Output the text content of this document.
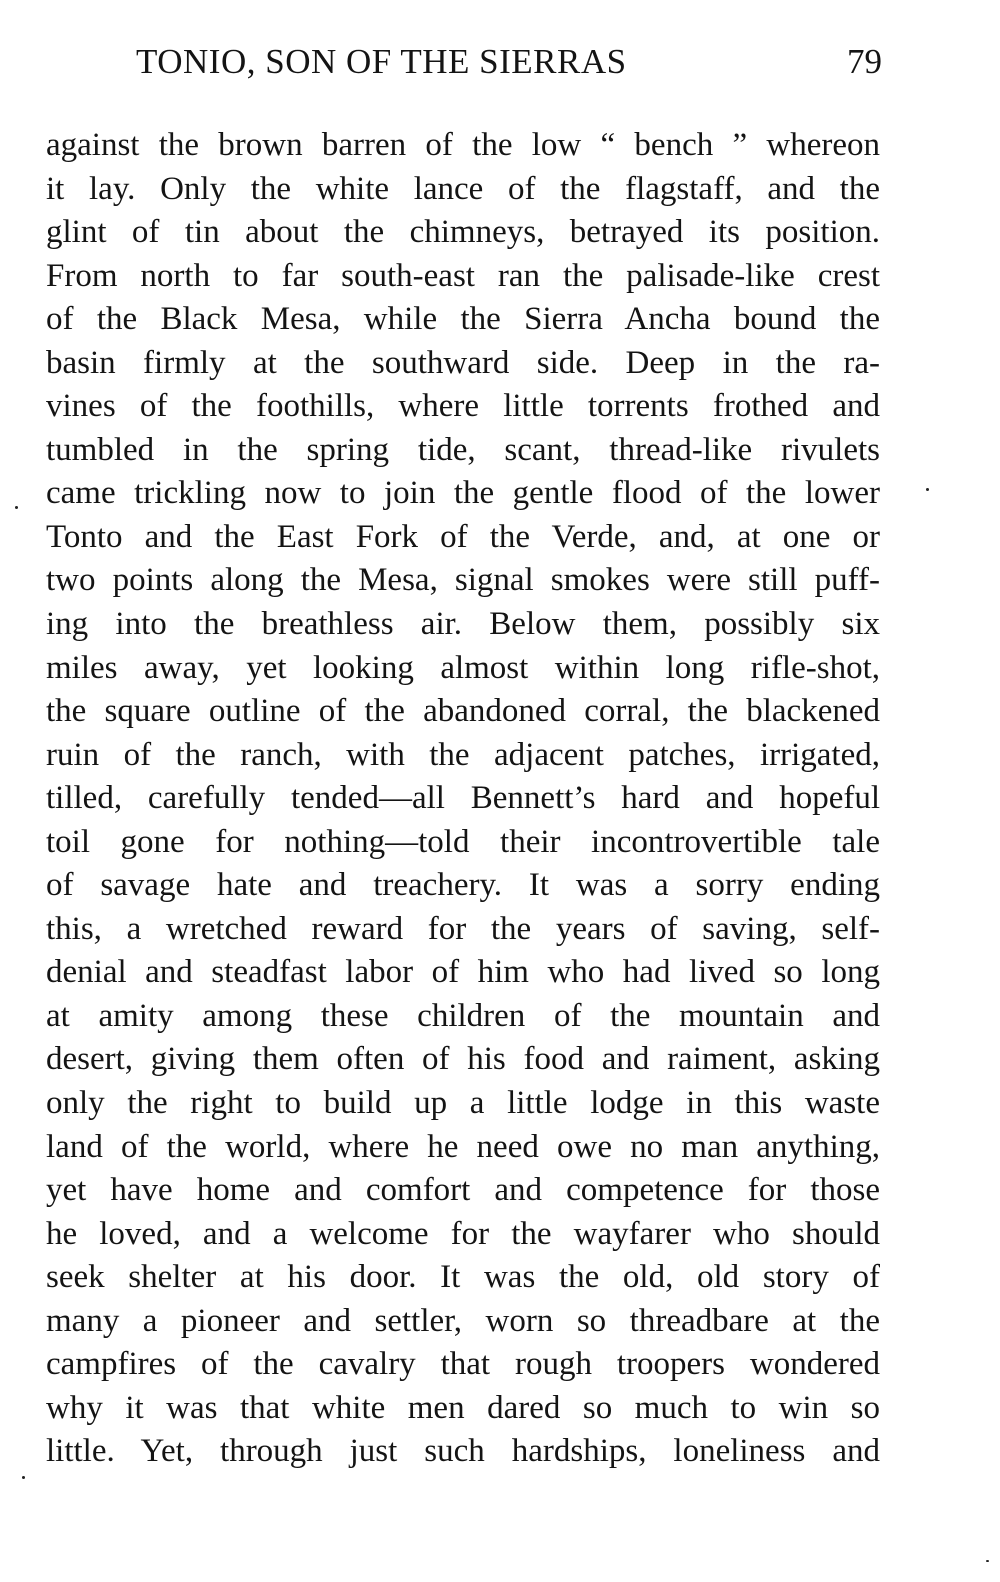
TONIO, SON OF THE SIERRAS	79
against the brown barren of the low “ bench ” whereon
it lay. Only the white lance of the flagstaff, and the
glint of tin about the chimneys, betrayed its position.
From north to far south-east ran the palisade-like crest
of the Black Mesa, while the Sierra Ancha bound the
basin firmly at the southward side. Deep in the ra-
vines of the foothills, where little torrents frothed and
tumbled in the spring tide, scant, thread-like rivulets
came trickling now to join the gentle flood of the lower
Tonto and the East Fork of the Verde, and, at one or
two points along the Mesa, signal smokes were still puff-
ing into the breathless air. Below them, possibly six
miles away, yet looking almost within long rifle-shot,
the square outline of the abandoned corral, the blackened
ruin of the ranch, with the adjacent patches, irrigated,
tilled, carefully tended—all Bennett’s hard and hopeful
toil gone for nothing—told their incontrovertible tale
of savage hate and treachery. It was a sorry ending
this, a wretched reward for the years of saving, self-
denial and steadfast labor of him who had lived so long
at amity among these children of the mountain and
desert, giving them often of his food and raiment, asking
only the right to build up a little lodge in this waste
land of the world, where he need owe no man anything,
yet have home and comfort and competence for those
he loved, and a welcome for the wayfarer who should
seek shelter at his door. It was the old, old story of
many a pioneer and settler, worn so threadbare at the
campfires of the cavalry that rough troopers wondered
why it was that white men dared so much to win so
little. Yet, through just such hardships, loneliness and
